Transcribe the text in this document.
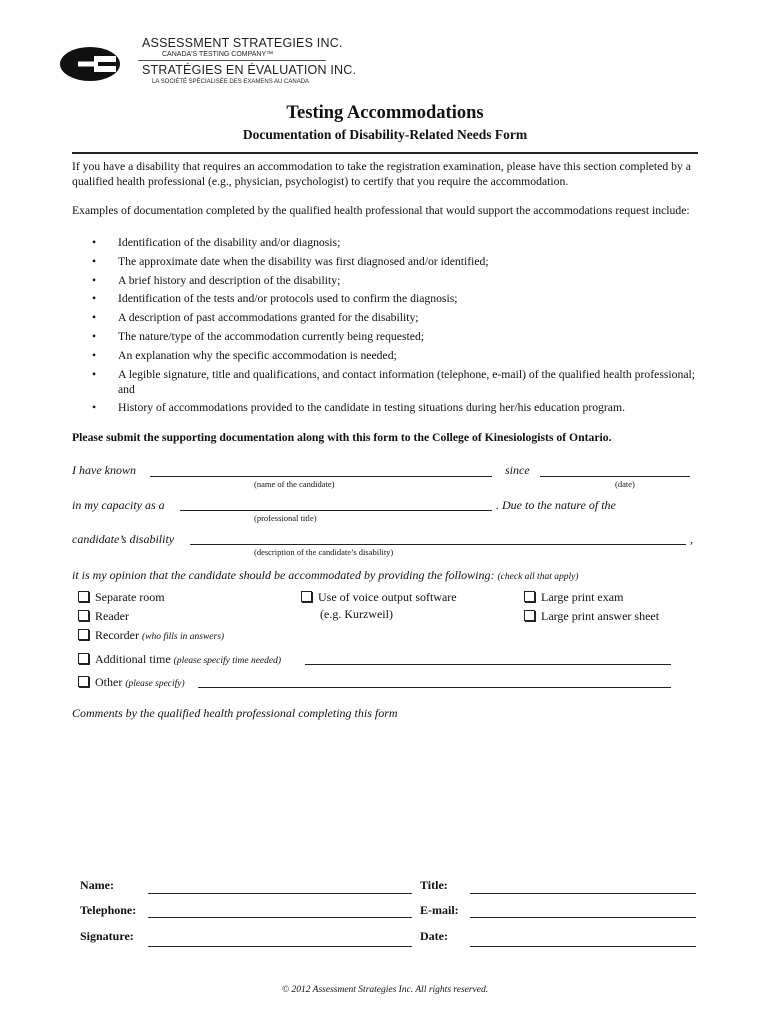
ASSESSMENT STRATEGIES INC.
CANADA'S TESTING COMPANY™
STRATÉGIES EN ÉVALUATION INC.
LA SOCIÉTÉ SPÉCIALISÉE DES EXAMENS AU CANADA
Testing Accommodations
Documentation of Disability-Related Needs Form
If you have a disability that requires an accommodation to take the registration examination, please have this section completed by a qualified health professional (e.g., physician, psychologist) to certify that you require the accommodation.
Examples of documentation completed by the qualified health professional that would support the accommodations request include:
• Identification of the disability and/or diagnosis;
• The approximate date when the disability was first diagnosed and/or identified;
• A brief history and description of the disability;
• Identification of the tests and/or protocols used to confirm the diagnosis;
• A description of past accommodations granted for the disability;
• The nature/type of the accommodation currently being requested;
• An explanation why the specific accommodation is needed;
• A legible signature, title and qualifications, and contact information (telephone, e-mail) of the qualified health professional; and
• History of accommodations provided to the candidate in testing situations during her/his education program.
Please submit the supporting documentation along with this form to the College of Kinesiologists of Ontario.
I have known
(name of the candidate)
since
(date)
in my capacity as a	. Due to the nature of the
(professional title)
candidate’s disability	,
(description of the candidate’s disability)
it is my opinion that the candidate should be accommodated by providing the following: (check all that apply)
Separate room
Reader
Recorder (who fills in answers)
Use of voice output software
(e.g. Kurzweil)
Large print exam
Large print answer sheet
Additional time (please specify time needed)
Other (please specify)
Comments by the qualified health professional completing this form
Name:	Title:
Telephone:	E-mail:
Signature:	Date:
© 2012 Assessment Strategies Inc. All rights reserved.
